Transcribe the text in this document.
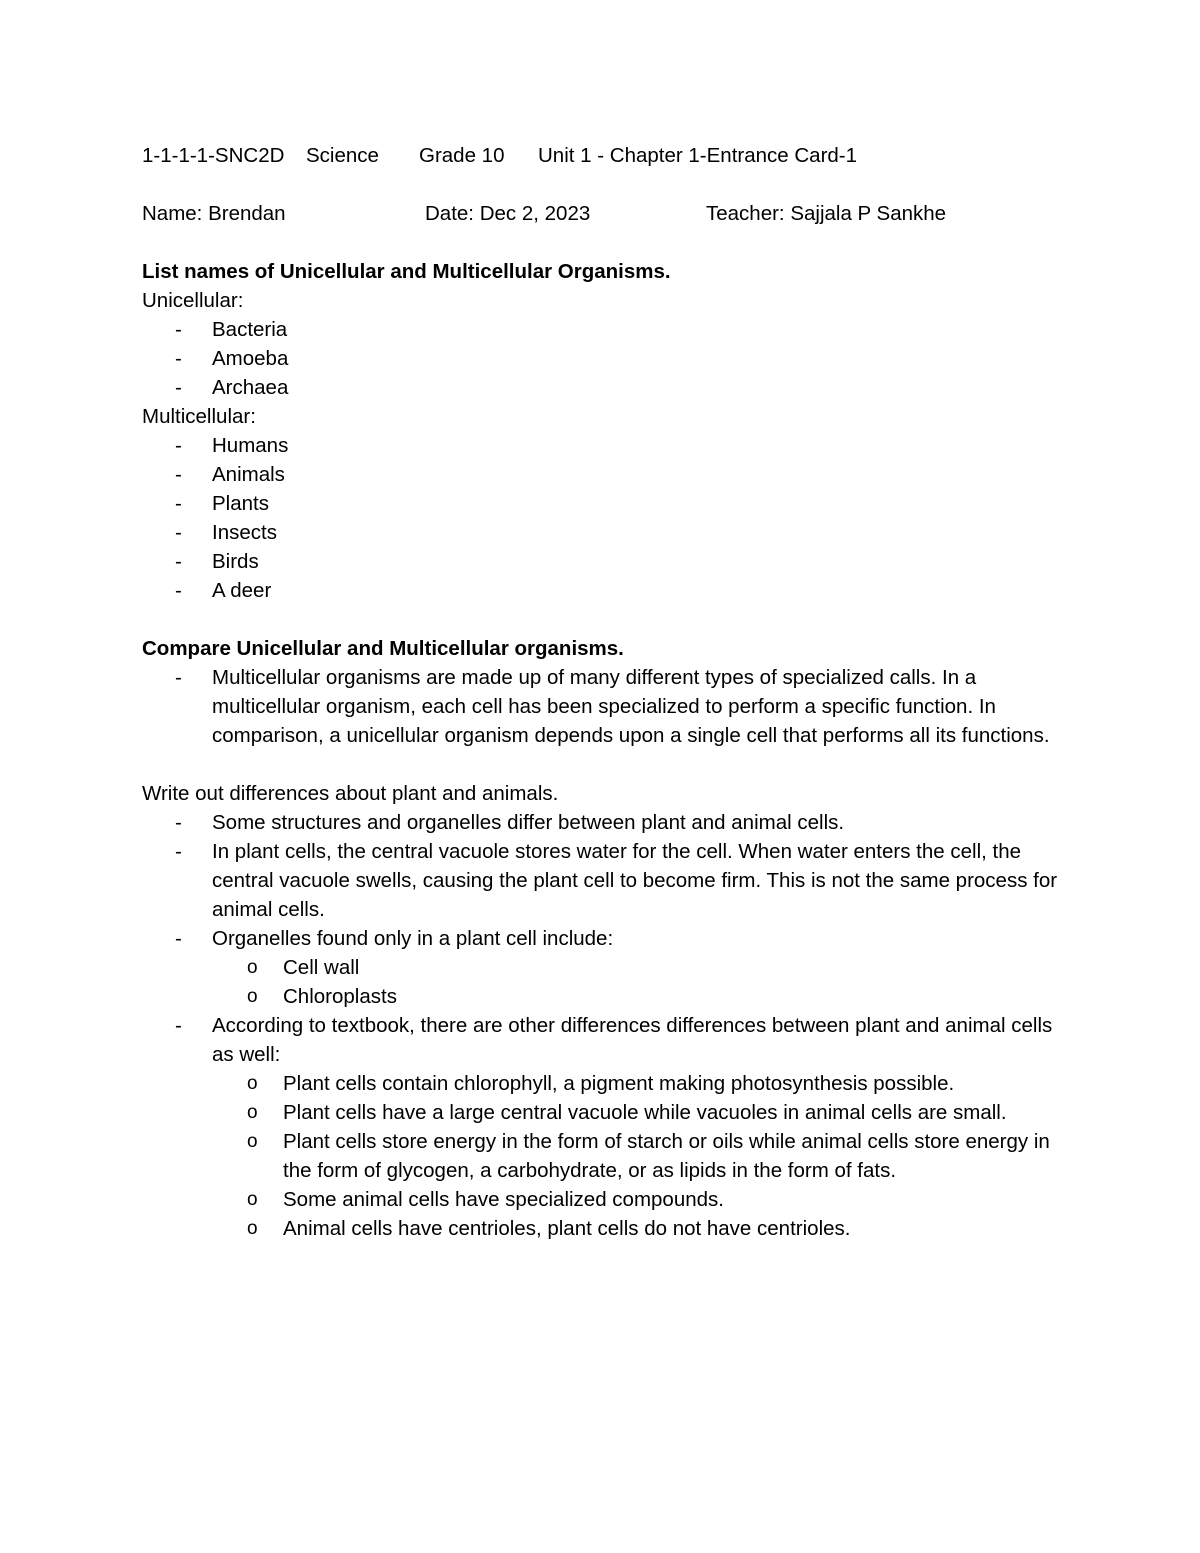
1-1-1-1-SNC2D Science Grade 10 Unit 1 - Chapter 1-Entrance Card-1
Name: Brendan	Date: Dec 2, 2023	Teacher: Sajjala P Sankhe
List names of Unicellular and Multicellular Organisms.
Unicellular:
- Bacteria
- Amoeba
- Archaea
Multicellular:
- Humans
- Animals
- Plants
- Insects
- Birds
- A deer
Compare Unicellular and Multicellular organisms.
- Multicellular organisms are made up of many different types of specialized calls. In a multicellular organism, each cell has been specialized to perform a specific function. In comparison, a unicellular organism depends upon a single cell that performs all its functions.
Write out differences about plant and animals.
- Some structures and organelles differ between plant and animal cells.
- In plant cells, the central vacuole stores water for the cell. When water enters the cell, the central vacuole swells, causing the plant cell to become firm. This is not the same process for animal cells.
- Organelles found only in a plant cell include:
o Cell wall
o Chloroplasts
- According to textbook, there are other differences differences between plant and animal cells as well:
o Plant cells contain chlorophyll, a pigment making photosynthesis possible.
o Plant cells have a large central vacuole while vacuoles in animal cells are small.
o Plant cells store energy in the form of starch or oils while animal cells store energy in the form of glycogen, a carbohydrate, or as lipids in the form of fats.
o Some animal cells have specialized compounds.
o Animal cells have centrioles, plant cells do not have centrioles.
